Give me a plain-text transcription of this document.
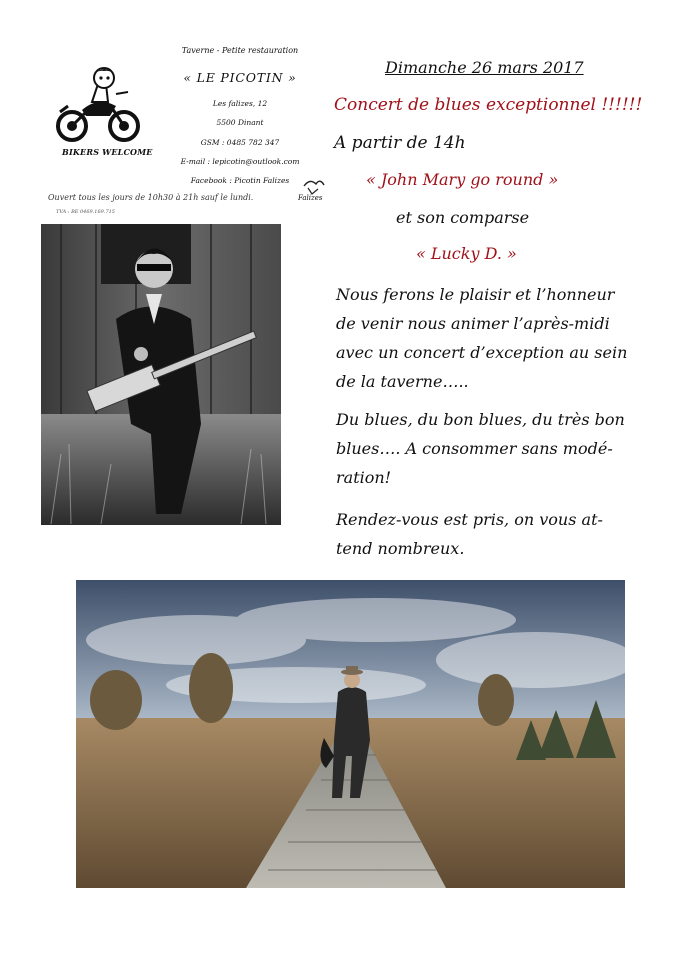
BIKERS WELCOME
Taverne - Petite restauration
« LE PICOTIN »
Les falizes, 12
5500 Dinant
GSM : 0485 782 347
E-mail : lepicotin@outlook.com
Facebook : Picotin Falizes
Falizes
Ouvert tous les jours de 10h30 à 21h sauf le lundi.
TVA : BE 0469.169.715
Dimanche 26 mars 2017
Concert de blues exceptionnel !!!!!!
A partir de 14h
« John Mary go round »
et son comparse
« Lucky D. »
Nous ferons le plaisir et l’honneur de venir nous animer l’après-midi avec un concert d’exception au sein de la taverne…..
Du blues, du bon blues, du très bon blues…. A consommer sans modé-ration!
Rendez-vous est pris, on vous at-tend nombreux.
